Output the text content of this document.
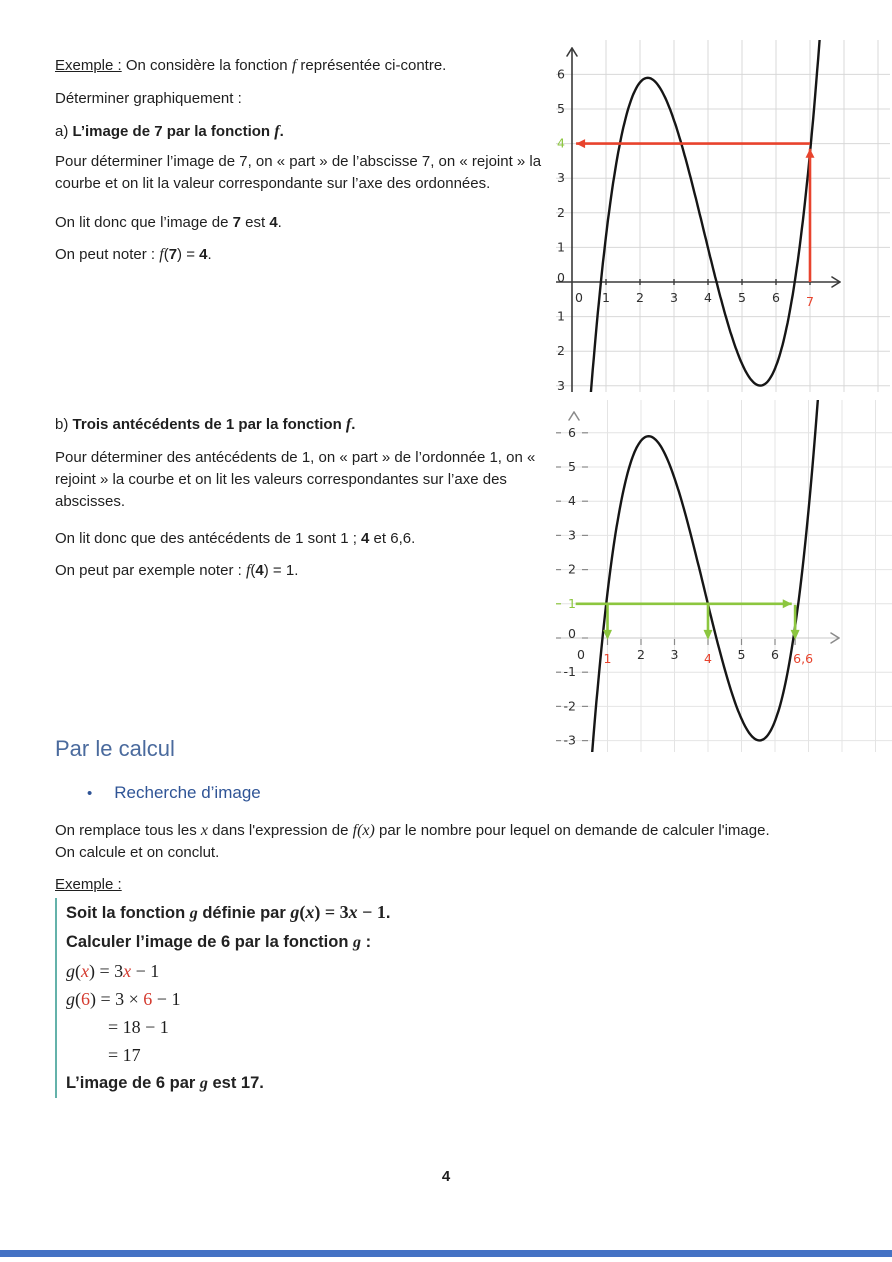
Exemple : On considère la fonction f représentée ci-contre.

Déterminer graphiquement :

a) L’image de 7 par la fonction f.

Pour déterminer l’image de 7, on « part » de l’abscisse 7, on « rejoint » la courbe et on lit la valeur correspondante sur l’axe des ordonnées.

On lit donc que l’image de 7 est 4.

On peut noter : f(7) = 4.

b) Trois antécédents de 1 par la fonction f.

Pour déterminer des antécédents de 1, on « part » de l’ordonnée 1, on « rejoint » la courbe et on lit les valeurs correspondantes sur l’axe des abscisses.

On lit donc que des antécédents de 1 sont 1 ; 4 et 6,6.

On peut par exemple noter : f(4) = 1.

Par le calcul

• Recherche d’image

On remplace tous les x dans l'expression de f(x) par le nombre pour lequel on demande de calculer l'image.
On calcule et on conclut.

Exemple :

Soit la fonction g définie par g(x) = 3x − 1.
Calculer l’image de 6 par la fonction g :
g(x) = 3x − 1
g(6) = 3 × 6 − 1
= 18 − 1
= 17
L’image de 6 par g est 17.
0 1 2 3 4 5 6 7
6
5
4
3
2
1
0
1
2
3
0 1 2 3 4 5 6 6,6
6
5
4
3
2
1
0
-1
-2
-3
4
